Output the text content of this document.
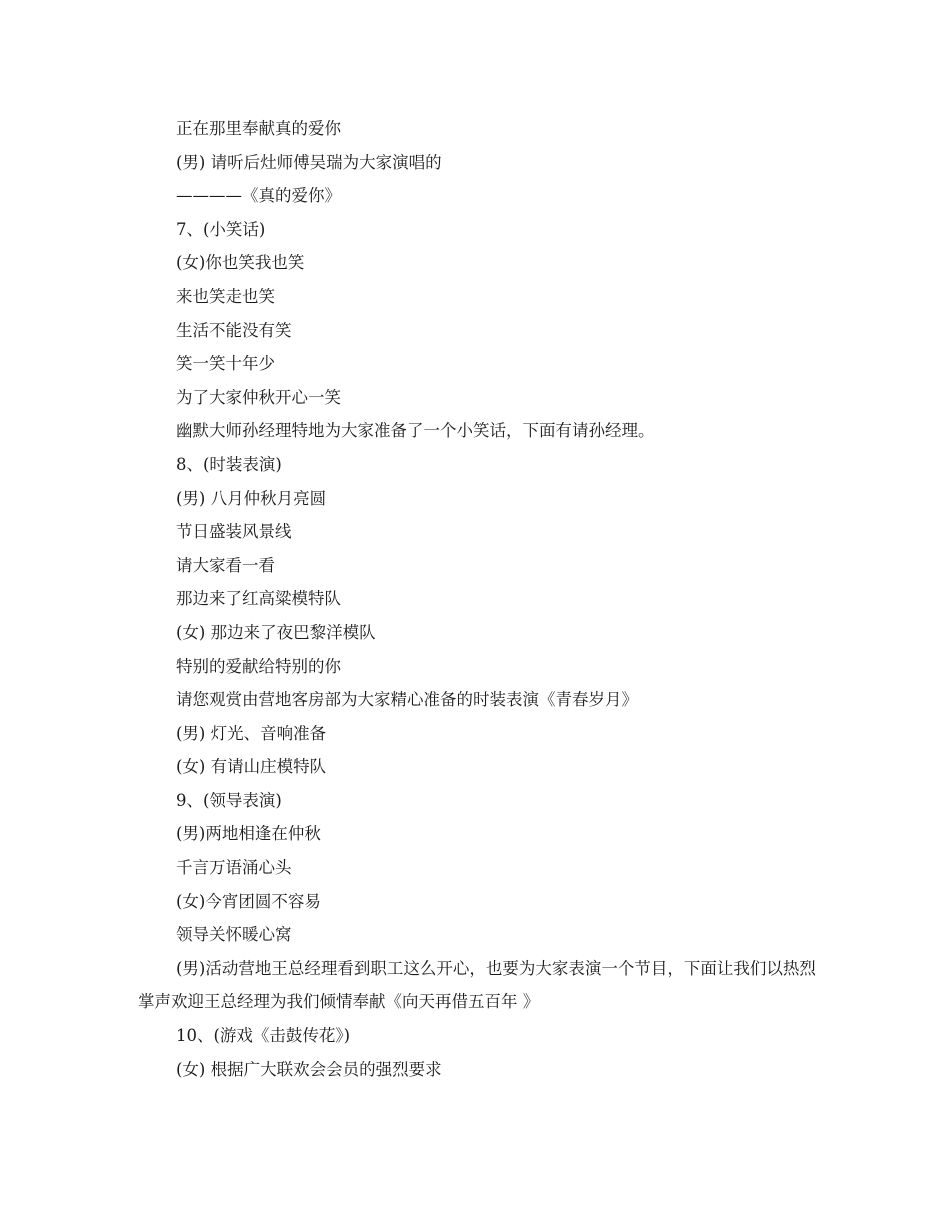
正在那里奉献真的爱你
(男) 请听后灶师傅吴瑞为大家演唱的
————《真的爱你》
7、(小笑话)
(女)你也笑我也笑
来也笑走也笑
生活不能没有笑
笑一笑十年少
为了大家仲秋开心一笑
幽默大师孙经理特地为大家准备了一个小笑话，下面有请孙经理。
8、(时装表演)
(男) 八月仲秋月亮圆
节日盛装风景线
请大家看一看
那边来了红高粱模特队
(女) 那边来了夜巴黎洋模队
特别的爱献给特别的你
请您观赏由营地客房部为大家精心准备的时装表演《青春岁月》
(男) 灯光、音响准备
(女) 有请山庄模特队
9、(领导表演)
(男)两地相逢在仲秋
千言万语涌心头
(女)今宵团圆不容易
领导关怀暖心窝
(男)活动营地王总经理看到职工这么开心，也要为大家表演一个节目，下面让我们以热烈掌声欢迎王总经理为我们倾情奉献《向天再借五百年 》
10、(游戏《击鼓传花》)
(女) 根据广大联欢会会员的强烈要求
